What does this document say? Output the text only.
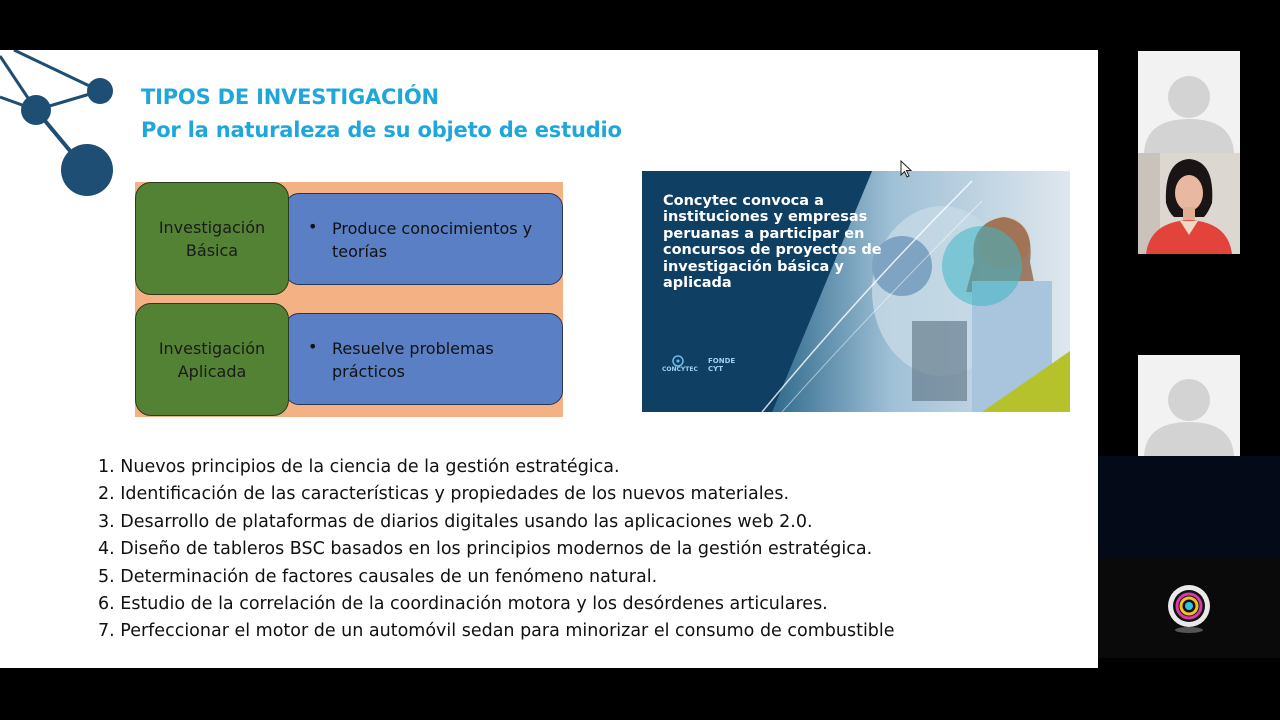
TIPOS DE INVESTIGACIÓN
Por la naturaleza de su objeto de estudio
Investigación Básica
• Produce conocimientos y teorías
Investigación Aplicada
• Resuelve problemas prácticos
Concytec convoca a instituciones y empresas peruanas a participar en concursos de proyectos de investigación básica y aplicada
CONCYTEC
FONDE CYT
1. Nuevos principios de la ciencia de la gestión estratégica.
2. Identificación de las características y propiedades de los nuevos materiales.
3. Desarrollo de plataformas de diarios digitales usando las aplicaciones web 2.0.
4. Diseño de tableros BSC basados en los principios modernos de la gestión estratégica.
5. Determinación de factores causales de un fenómeno natural.
6. Estudio de la correlación de la coordinación motora y los desórdenes articulares.
7. Perfeccionar el motor de un automóvil sedan para minorizar el consumo de combustible
